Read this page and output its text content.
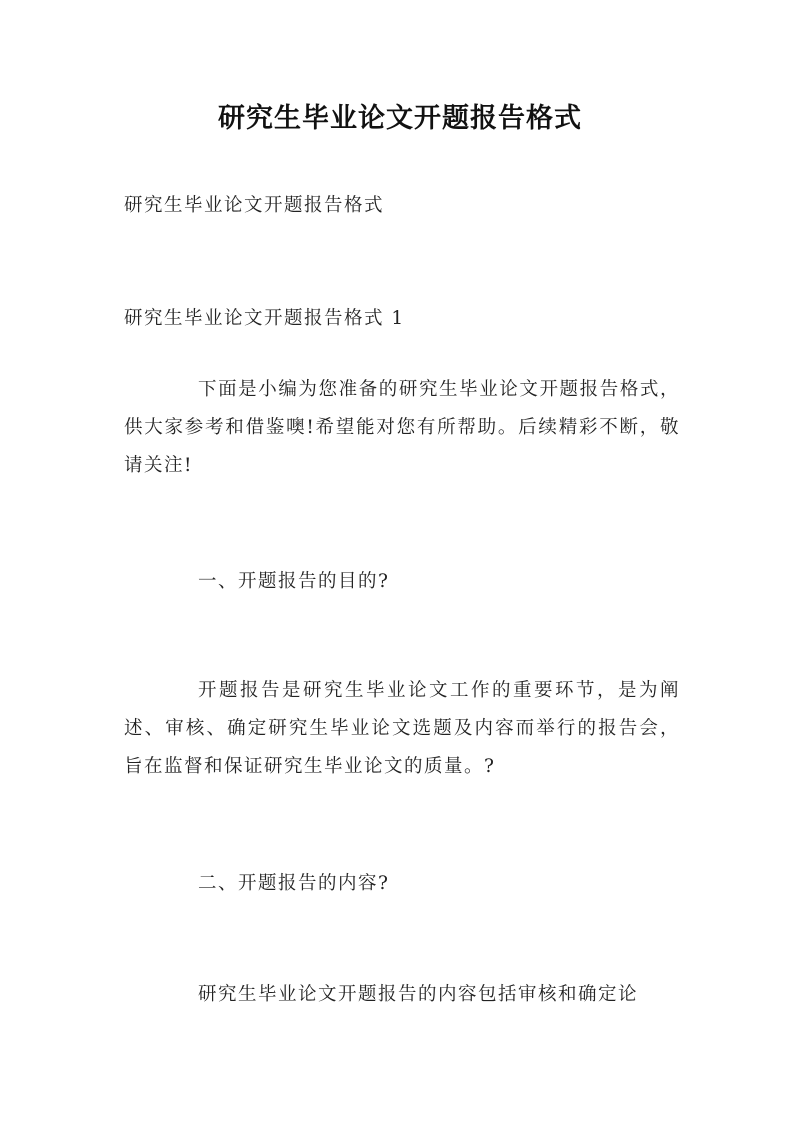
研究生毕业论文开题报告格式
研究生毕业论文开题报告格式
研究生毕业论文开题报告格式 1
下面是小编为您准备的研究生毕业论文开题报告格式，供大家参考和借鉴噢!希望能对您有所帮助。后续精彩不断，敬请关注!
一、开题报告的目的?
开题报告是研究生毕业论文工作的重要环节，是为阐述、审核、确定研究生毕业论文选题及内容而举行的报告会，旨在监督和保证研究生毕业论文的质量。?
二、开题报告的内容?
研究生毕业论文开题报告的内容包括审核和确定论
